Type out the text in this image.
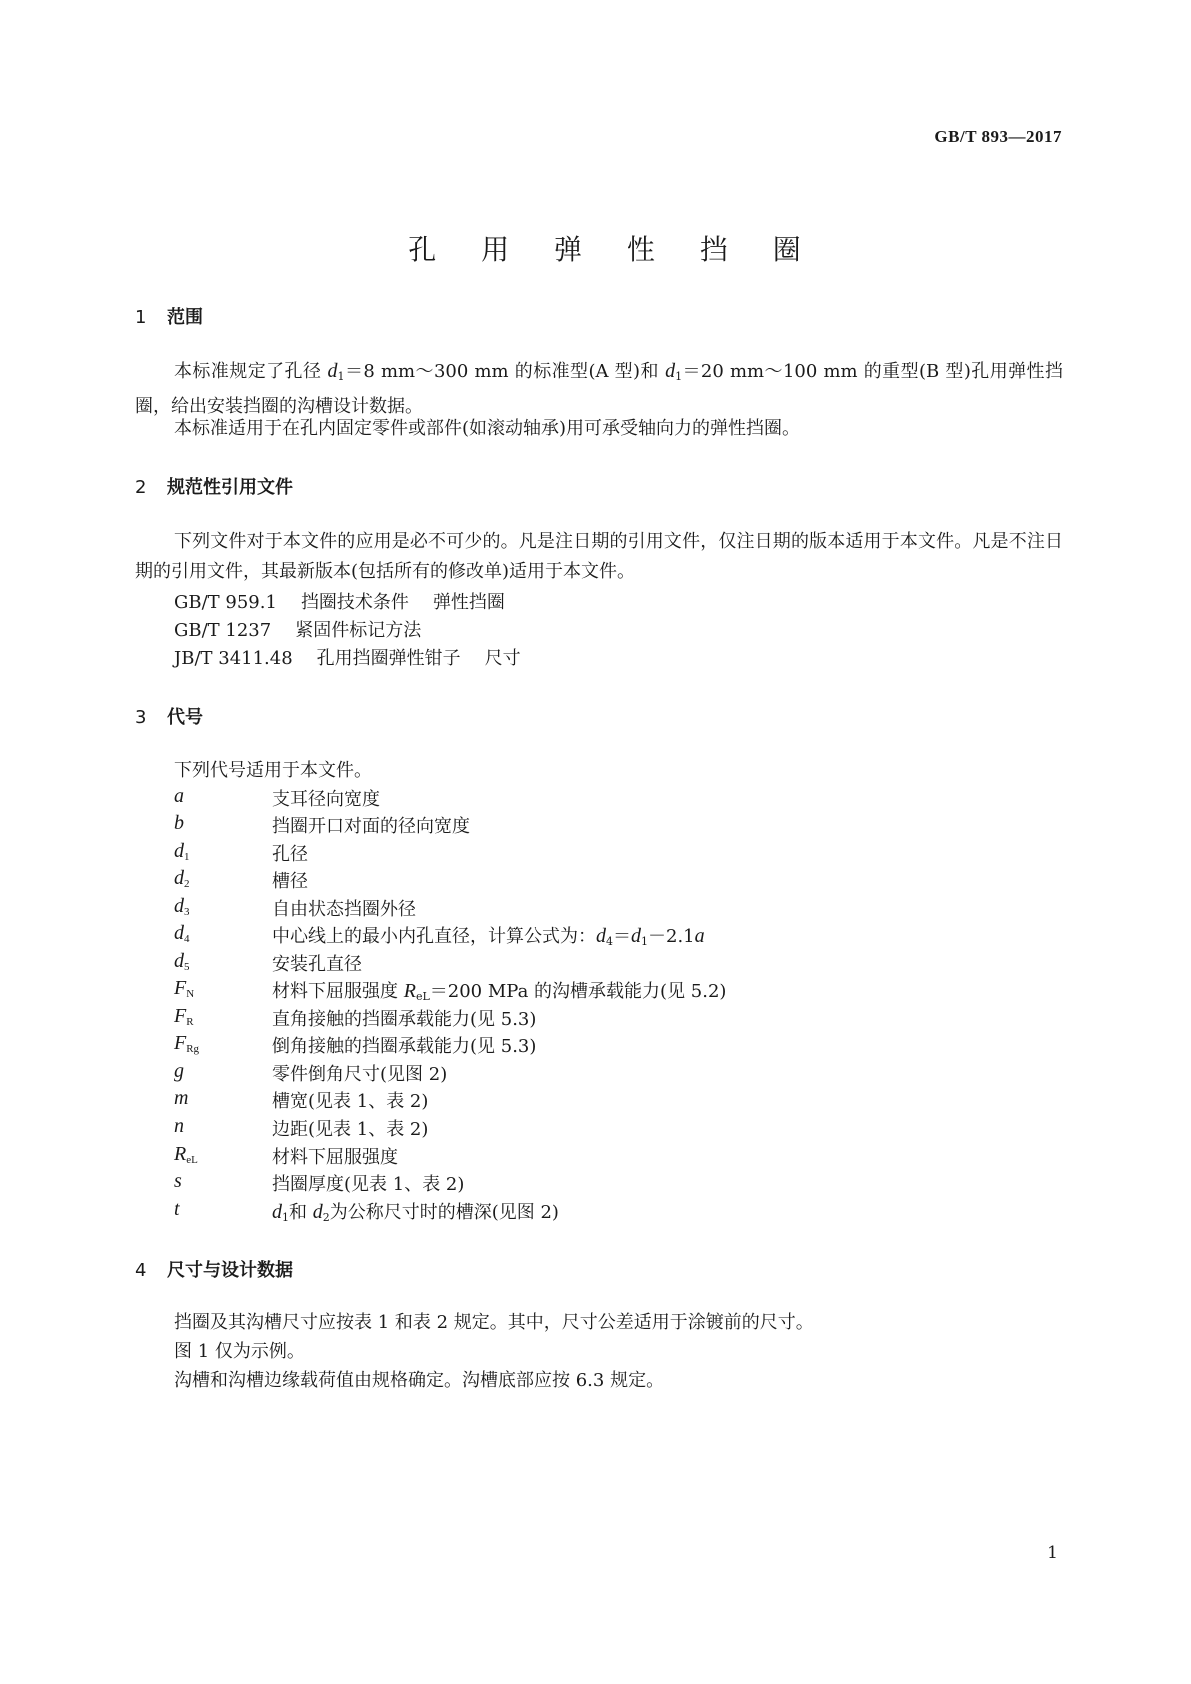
GB/T 893—2017
孔 用 弹 性 挡 圈
1 范围
本标准规定了孔径 $d_1=8$ mm～300 mm 的标准型(A 型)和 $d_1=20$ mm～100 mm 的重型(B 型)孔用弹性挡圈，给出安装挡圈的沟槽设计数据。
本标准适用于在孔内固定零件或部件(如滚动轴承)用可承受轴向力的弹性挡圈。
2 规范性引用文件
下列文件对于本文件的应用是必不可少的。凡是注日期的引用文件，仅注日期的版本适用于本文件。凡是不注日期的引用文件，其最新版本(包括所有的修改单)适用于本文件。
GB/T 959.1 挡圈技术条件 弹性挡圈
GB/T 1237 紧固件标记方法
JB/T 3411.48 孔用挡圈弹性钳子 尺寸
3 代号
下列代号适用于本文件。
a	支耳径向宽度
b	挡圈开口对面的径向宽度
$d_1$	孔径
$d_2$	槽径
$d_3$	自由状态挡圈外径
$d_4$	中心线上的最小内孔直径，计算公式为：$d_4=d_1-2.1a$
$d_5$	安装孔直径
$F_N$	材料下屈服强度 $R_{eL}=200$ MPa 的沟槽承载能力(见 5.2)
$F_R$	直角接触的挡圈承载能力(见 5.3)
$F_{Rg}$	倒角接触的挡圈承载能力(见 5.3)
g	零件倒角尺寸(见图 2)
m	槽宽(见表 1、表 2)
n	边距(见表 1、表 2)
$R_{eL}$	材料下屈服强度
s	挡圈厚度(见表 1、表 2)
t	$d_1$和 $d_2$为公称尺寸时的槽深(见图 2)
4 尺寸与设计数据
挡圈及其沟槽尺寸应按表 1 和表 2 规定。其中，尺寸公差适用于涂镀前的尺寸。
图 1 仅为示例。
沟槽和沟槽边缘载荷值由规格确定。沟槽底部应按 6.3 规定。
1
